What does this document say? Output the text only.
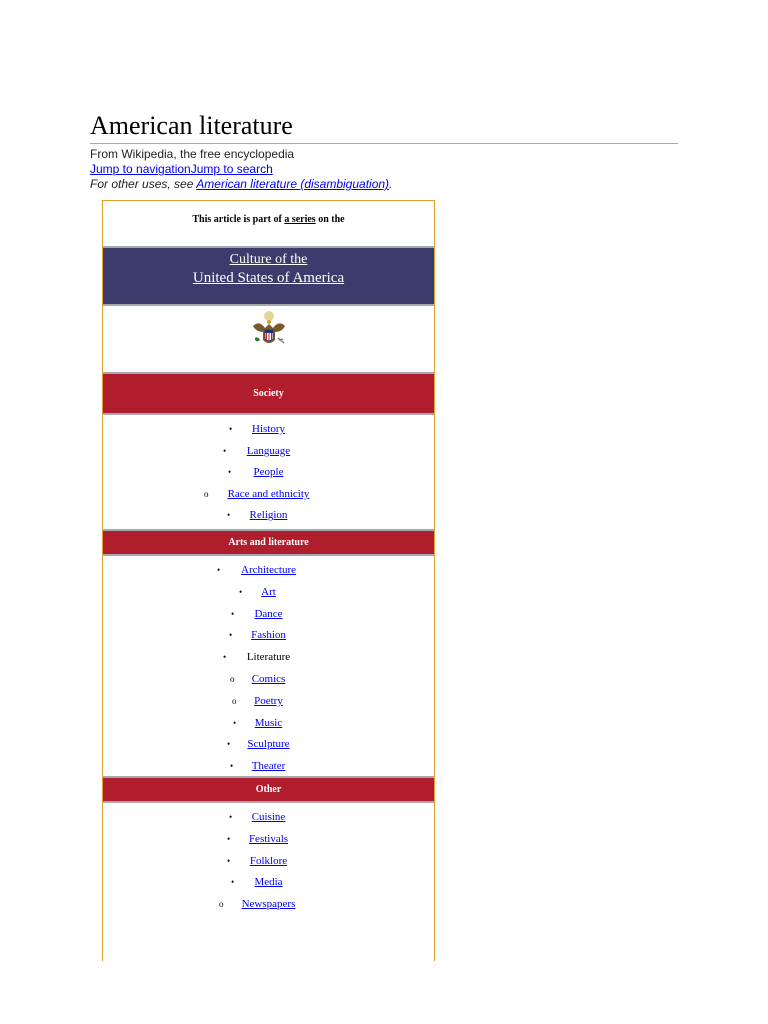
American literature
From Wikipedia, the free encyclopedia
Jump to navigationJump to search
For other uses, see American literature (disambiguation).
This article is part of a series on the
Culture of the
United States of America
Society
• History
• Language
• People
o Race and ethnicity
• Religion
Arts and literature
• Architecture
• Art
• Dance
• Fashion
• Literature
o Comics
o Poetry
• Music
• Sculpture
• Theater
Other
• Cuisine
• Festivals
• Folklore
• Media
o Newspapers
